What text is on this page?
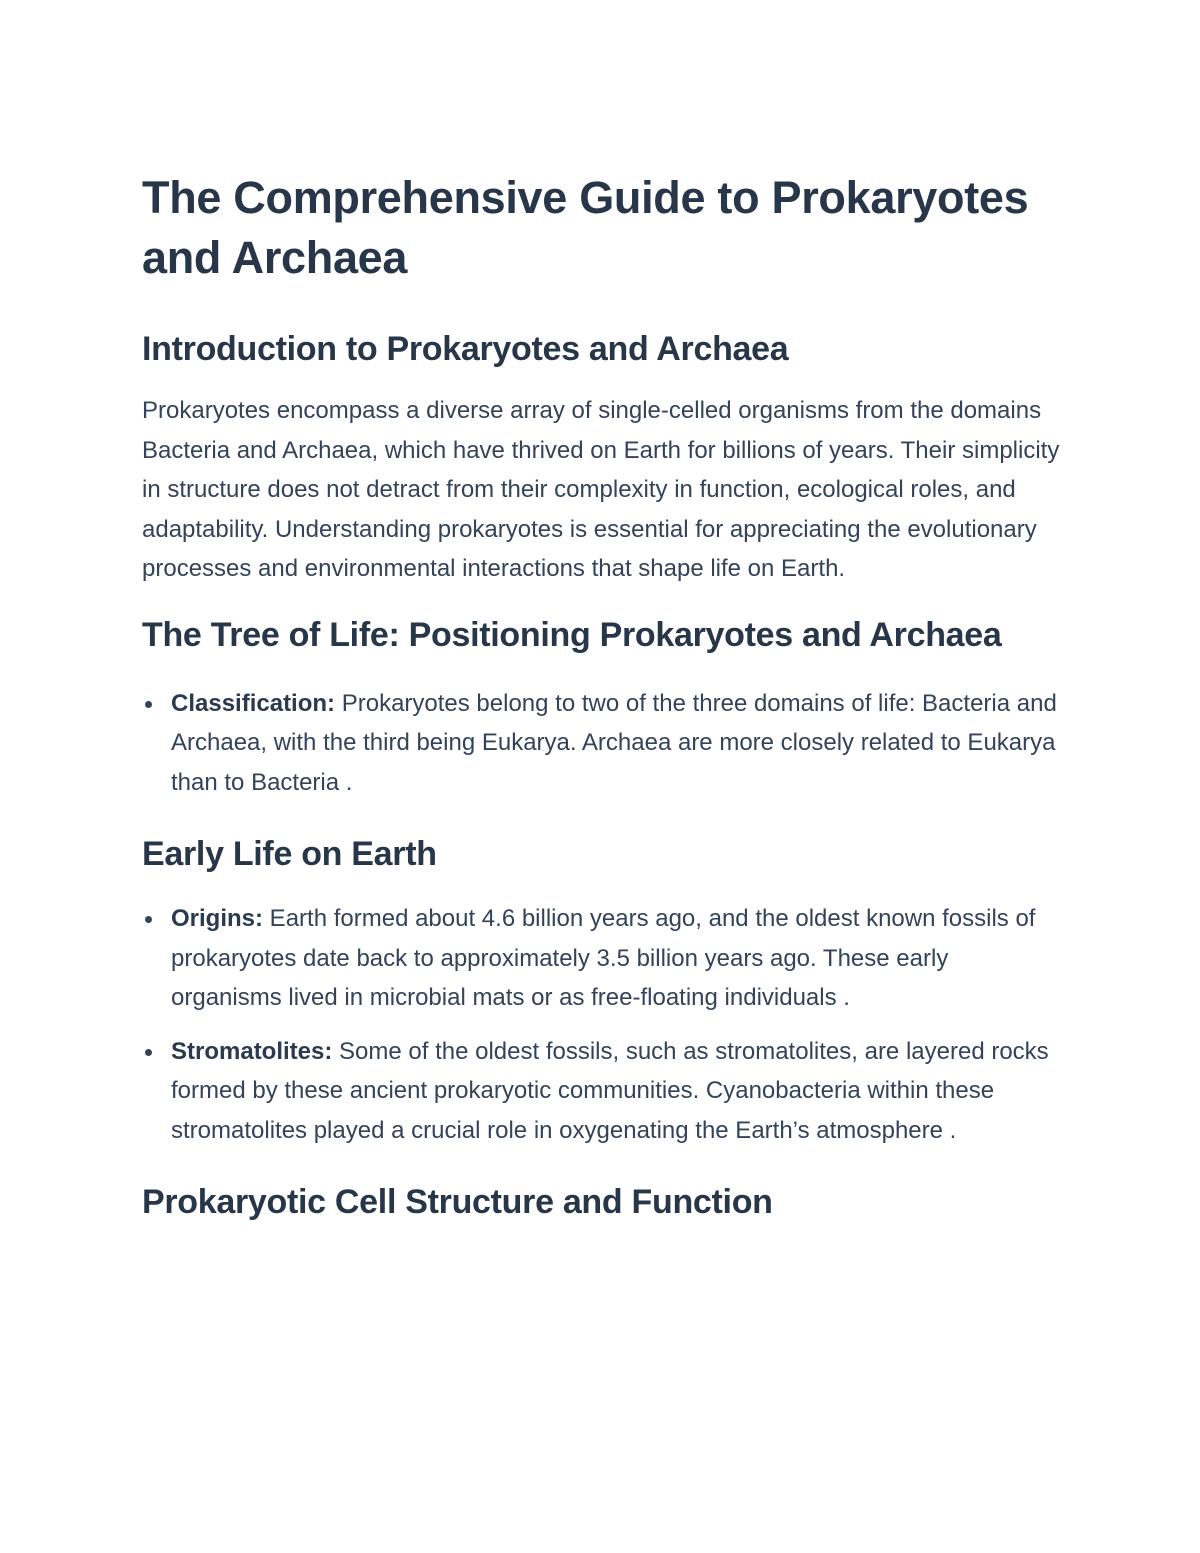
The Comprehensive Guide to Prokaryotes and Archaea
Introduction to Prokaryotes and Archaea

Prokaryotes encompass a diverse array of single-celled organisms from the domains Bacteria and Archaea, which have thrived on Earth for billions of years. Their simplicity in structure does not detract from their complexity in function, ecological roles, and adaptability. Understanding prokaryotes is essential for appreciating the evolutionary processes and environmental interactions that shape life on Earth.

The Tree of Life: Positioning Prokaryotes and Archaea
Classification: Prokaryotes belong to two of the three domains of life: Bacteria and Archaea, with the third being Eukarya. Archaea are more closely related to Eukarya than to Bacteria .
Early Life on Earth
Origins: Earth formed about 4.6 billion years ago, and the oldest known fossils of prokaryotes date back to approximately 3.5 billion years ago. These early organisms lived in microbial mats or as free-floating individuals .
Stromatolites: Some of the oldest fossils, such as stromatolites, are layered rocks formed by these ancient prokaryotic communities. Cyanobacteria within these stromatolites played a crucial role in oxygenating the Earth’s atmosphere .
Prokaryotic Cell Structure and Function
